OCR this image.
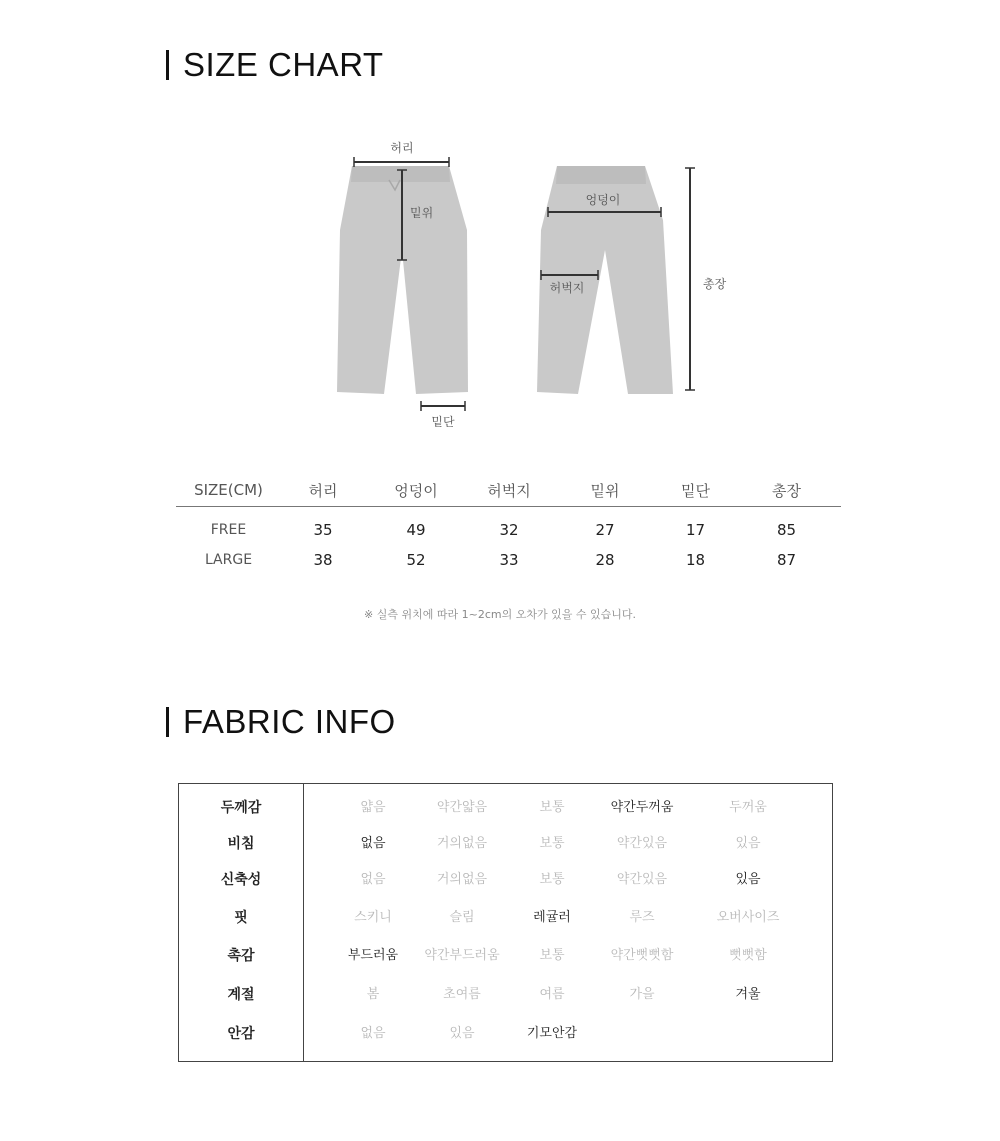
SIZE CHART
허리
밑위
밑단
엉덩이
허벅지	총장
SIZE(CM)	허리	엉덩이	허벅지	밑위	밑단	총장
FREE	35	49	32	27	17	85
LARGE	38	52	33	28	18	87

※ 실측 위치에 따라 1~2cm의 오차가 있을 수 있습니다.

FABRIC INFO
두께감	얇음	약간얇음	보통	약간두꺼움	두꺼움
비침	없음	거의없음	보통	약간있음	있음
신축성	없음	거의없음	보통	약간있음	있음
핏	스키니	슬림	레귤러	루즈	오버사이즈
촉감	부드러움	약간부드러움	보통	약간뻣뻣함	뻣뻣함
계절	봄	초여름	여름	가을	겨울
안감	없음	있음	기모안감
